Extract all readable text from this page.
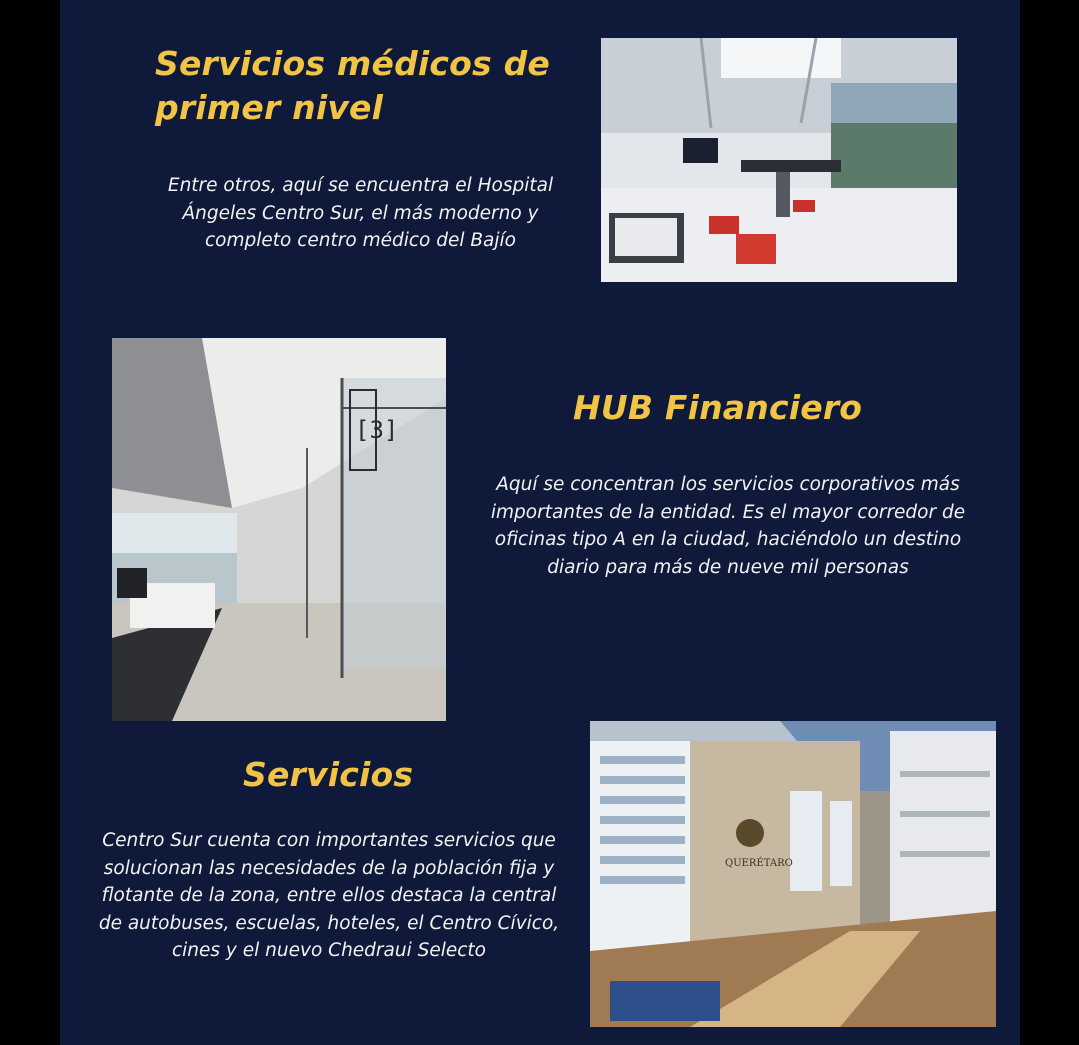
Servicios médicos de primer nivel

Entre otros, aquí se encuentra el Hospital Ángeles Centro Sur, el más moderno y completo centro médico del Bajío

[3]
HUB Financiero

Aquí se concentran los servicios corporativos más importantes de la entidad. Es el mayor corredor de oficinas tipo A en la ciudad, haciéndolo un destino diario para más de nueve mil personas

Servicios

Centro Sur cuenta con importantes servicios que solucionan las necesidades de la población fija y flotante de la zona, entre ellos destaca la central de autobuses, escuelas, hoteles, el Centro Cívico, cines y el nuevo Chedraui Selecto

QUERÉTARO
